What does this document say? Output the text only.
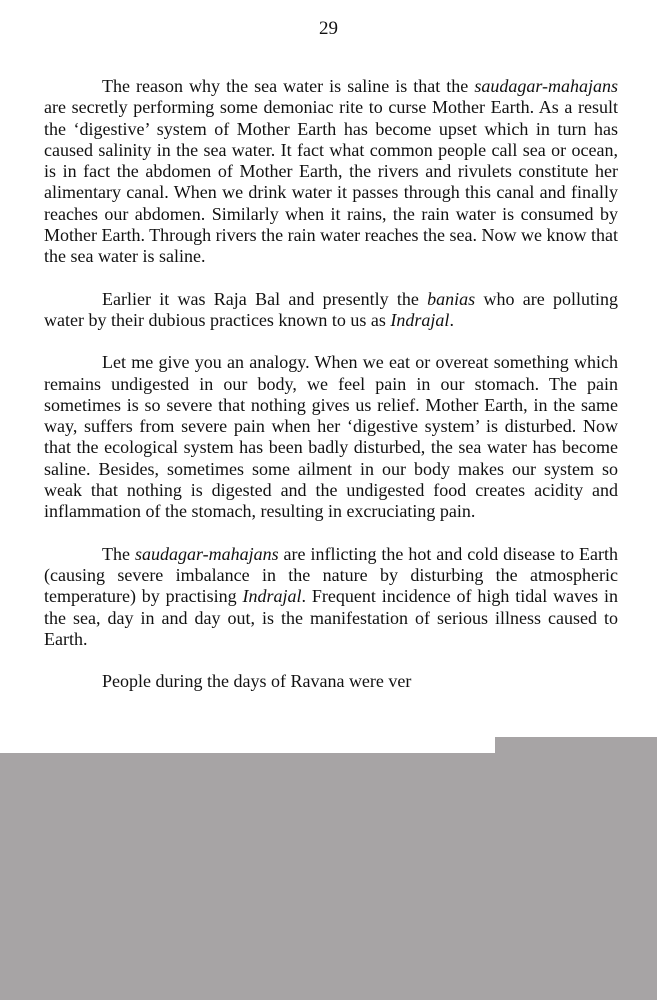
29

The reason why the sea water is saline is that the saudagar-mahajans are secretly performing some demoniac rite to curse Mother Earth. As a result the ‘digestive’ system of Mother Earth has become upset which in turn has caused salinity in the sea water. It fact what common people call sea or ocean, is in fact the abdomen of Mother Earth, the rivers and rivulets constitute her alimentary canal. When we drink water it passes through this canal and finally reaches our abdomen. Similarly when it rains, the rain water is consumed by Mother Earth. Through rivers the rain water reaches the sea. Now we know that the sea water is saline.

Earlier it was Raja Bal and presently the banias who are polluting water by their dubious practices known to us as Indrajal.

Let me give you an analogy. When we eat or overeat something which remains undigested in our body, we feel pain in our stomach. The pain sometimes is so severe that nothing gives us relief. Mother Earth, in the same way, suffers from severe pain when her ‘digestive system’ is disturbed. Now that the ecological system has been badly disturbed, the sea water has become saline. Besides, sometimes some ailment in our body makes our system so weak that nothing is digested and the undigested food creates acidity and inflammation of the stomach, resulting in excruciating pain.

The saudagar-mahajans are inflicting the hot and cold disease to Earth (causing severe imbalance in the nature by disturbing the atmospheric temperature) by practising Indrajal. Frequent incidence of high tidal waves in the sea, day in and day out, is the manifestation of serious illness caused to Earth.

People during the days of Ravana were ver
